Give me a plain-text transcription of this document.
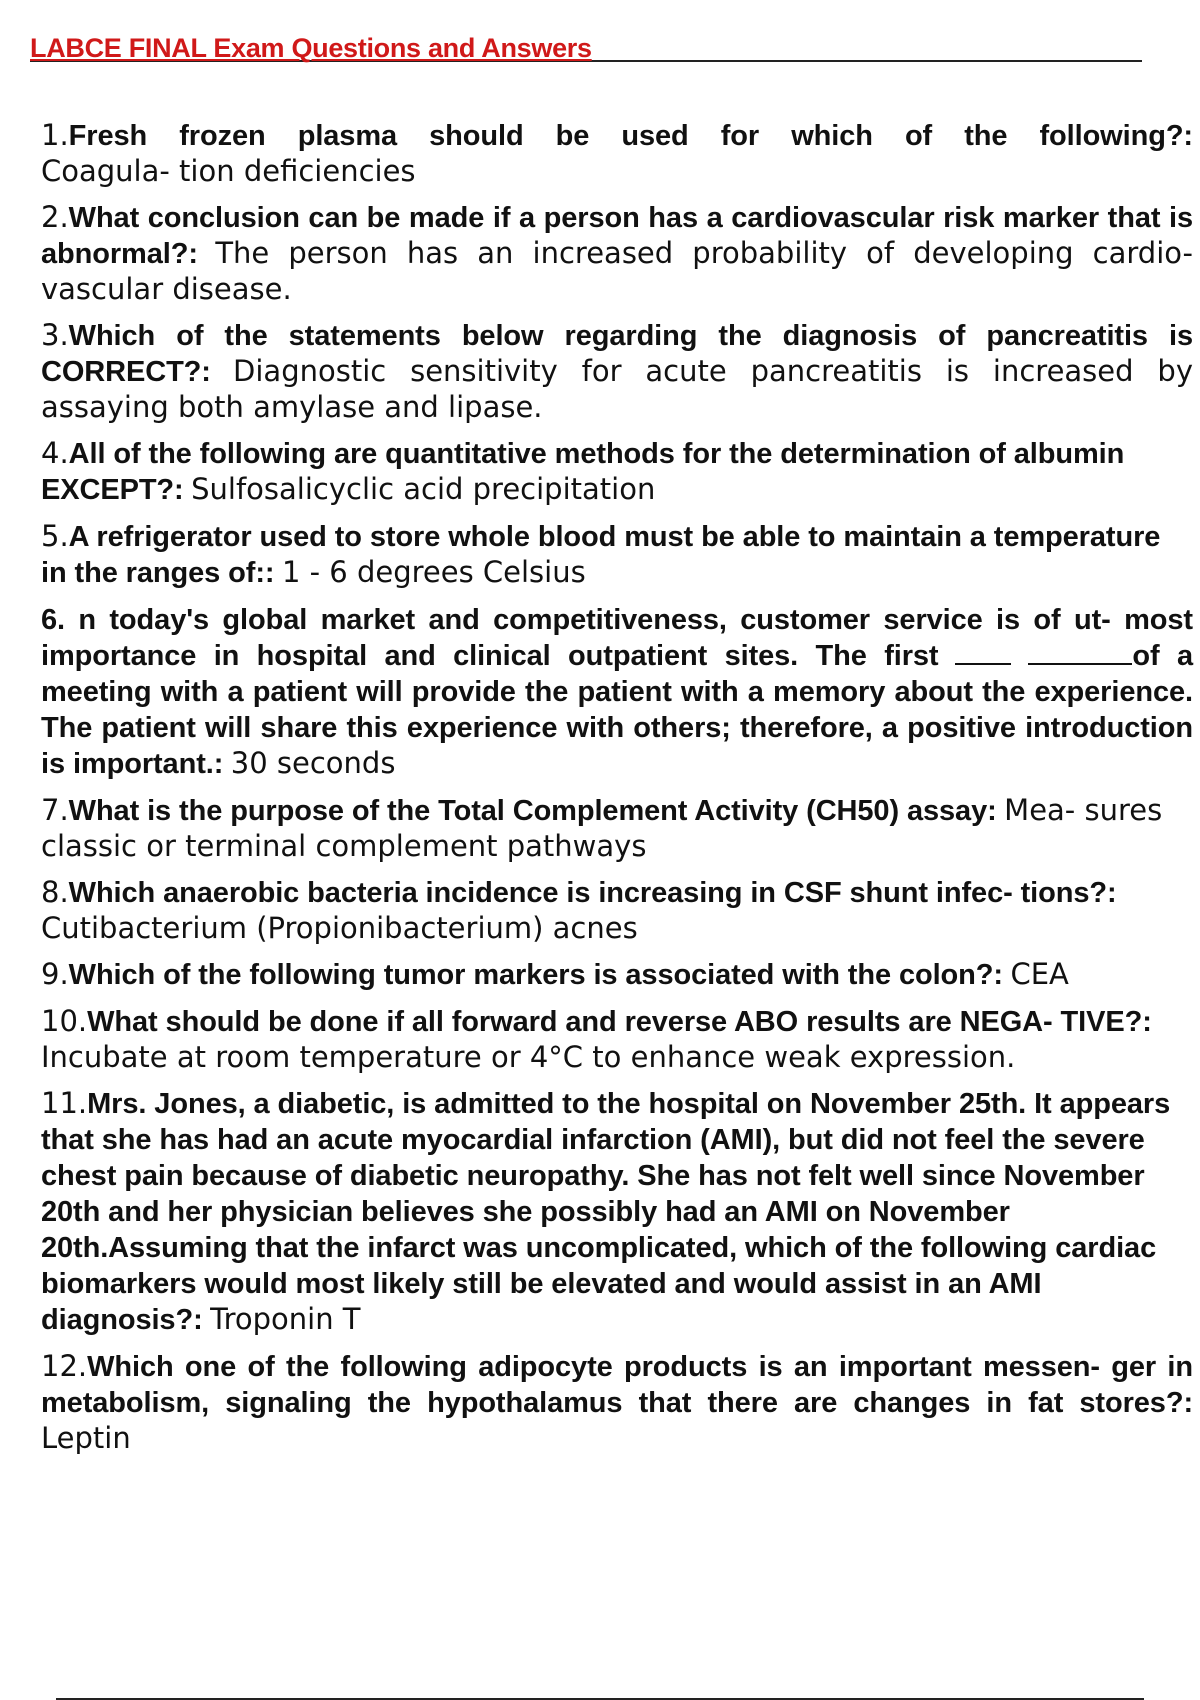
LABCE FINAL Exam Questions and Answers
1.Fresh frozen plasma should be used for which of the following?:
Coagula- tion deficiencies
2.What conclusion can be made if a person has a cardiovascular risk marker that is abnormal?: The person has an increased probability of developing cardio- vascular disease.
3.Which of the statements below regarding the diagnosis of pancreatitis is CORRECT?: Diagnostic sensitivity for acute pancreatitis is increased by assaying both amylase and lipase.
4.All of the following are quantitative methods for the determination of albumin EXCEPT?: Sulfosalicyclic acid precipitation
5.A refrigerator used to store whole blood must be able to maintain a temperature in the ranges of:: 1 - 6 degrees Celsius
6. n today's global market and competitiveness, customer service is of ut- most importance in hospital and clinical outpatient sites. The first	of a meeting with a patient will provide the patient with a memory about the experience. The patient will share this experience with others; therefore, a positive introduction is important.: 30 seconds
7.What is the purpose of the Total Complement Activity (CH50) assay: Mea- sures classic or terminal complement pathways
8.Which anaerobic bacteria incidence is increasing in CSF shunt infec- tions?: Cutibacterium (Propionibacterium) acnes
9.Which of the following tumor markers is associated with the colon?: CEA
10.What should be done if all forward and reverse ABO results are NEGA- TIVE?: Incubate at room temperature or 4°C to enhance weak expression.
11.Mrs. Jones, a diabetic, is admitted to the hospital on November 25th. It appears that she has had an acute myocardial infarction (AMI), but did not feel the severe chest pain because of diabetic neuropathy. She has not felt well since November 20th and her physician believes she possibly had an AMI on November 20th.Assuming that the infarct was uncomplicated, which of the following cardiac biomarkers would most likely still be elevated and would assist in an AMI diagnosis?: Troponin T
12.Which one of the following adipocyte products is an important messen- ger in metabolism, signaling the hypothalamus that there are changes in fat stores?: Leptin
